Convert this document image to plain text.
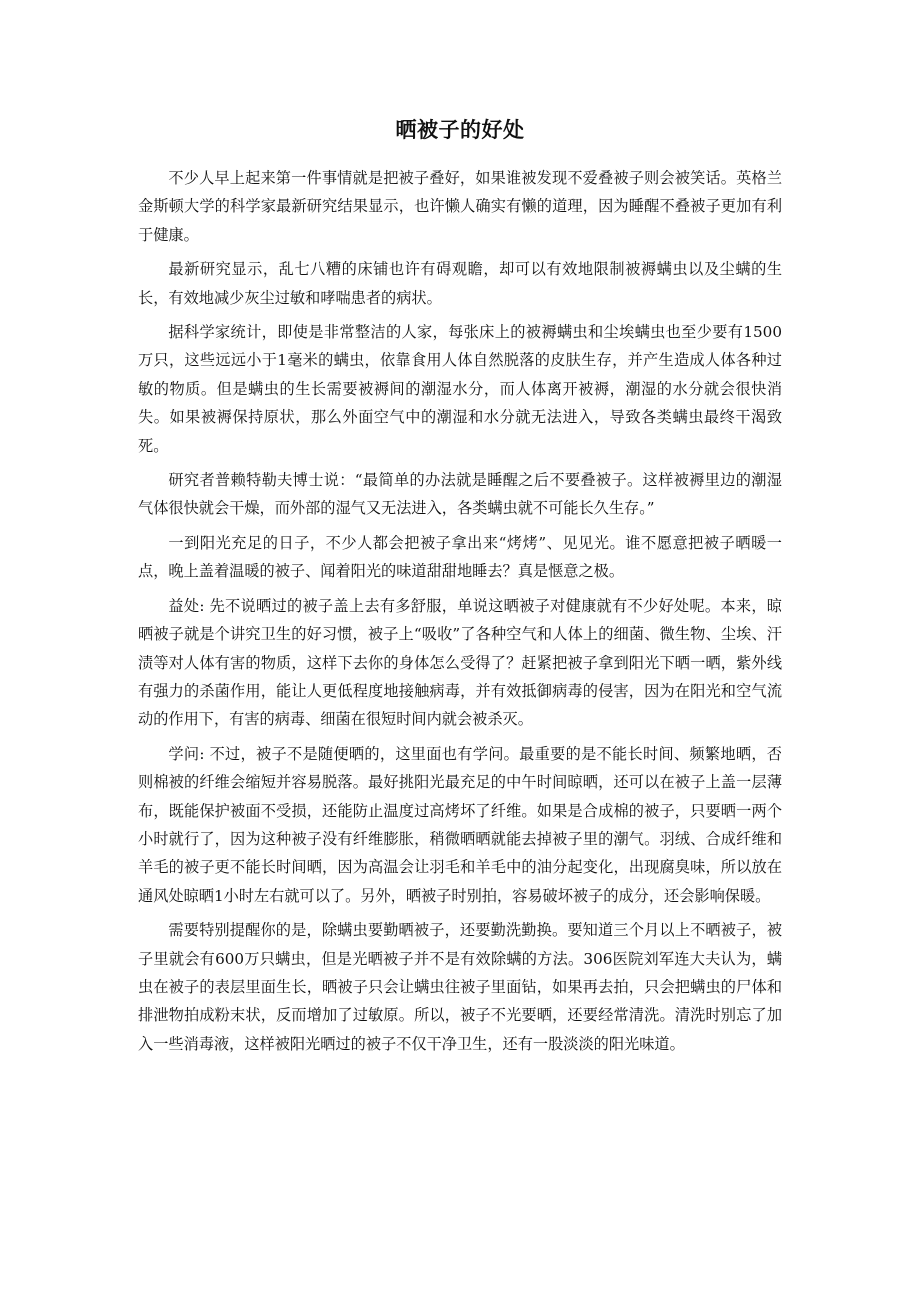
晒被子的好处

不少人早上起来第一件事情就是把被子叠好，如果谁被发现不爱叠被子则会被笑话。英格兰金斯顿大学的科学家最新研究结果显示，也许懒人确实有懒的道理，因为睡醒不叠被子更加有利于健康。

最新研究显示，乱七八糟的床铺也许有碍观瞻，却可以有效地限制被褥螨虫以及尘螨的生长，有效地减少灰尘过敏和哮喘患者的病状。

据科学家统计，即使是非常整洁的人家，每张床上的被褥螨虫和尘埃螨虫也至少要有1500万只，这些远远小于1毫米的螨虫，依靠食用人体自然脱落的皮肤生存，并产生造成人体各种过敏的物质。但是螨虫的生长需要被褥间的潮湿水分，而人体离开被褥，潮湿的水分就会很快消失。如果被褥保持原状，那么外面空气中的潮湿和水分就无法进入，导致各类螨虫最终干渴致死。

研究者普赖特勒夫博士说：“最简单的办法就是睡醒之后不要叠被子。这样被褥里边的潮湿气体很快就会干燥，而外部的湿气又无法进入，各类螨虫就不可能长久生存。”

一到阳光充足的日子，不少人都会把被子拿出来“烤烤”、见见光。谁不愿意把被子晒暖一点，晚上盖着温暖的被子、闻着阳光的味道甜甜地睡去？真是惬意之极。

益处: 先不说晒过的被子盖上去有多舒服，单说这晒被子对健康就有不少好处呢。本来，晾晒被子就是个讲究卫生的好习惯，被子上“吸收”了各种空气和人体上的细菌、微生物、尘埃、汗渍等对人体有害的物质，这样下去你的身体怎么受得了？赶紧把被子拿到阳光下晒一晒，紫外线有强力的杀菌作用，能让人更低程度地接触病毒，并有效抵御病毒的侵害，因为在阳光和空气流动的作用下，有害的病毒、细菌在很短时间内就会被杀灭。

学问: 不过，被子不是随便晒的，这里面也有学问。最重要的是不能长时间、频繁地晒，否则棉被的纤维会缩短并容易脱落。最好挑阳光最充足的中午时间晾晒，还可以在被子上盖一层薄布，既能保护被面不受损，还能防止温度过高烤坏了纤维。如果是合成棉的被子，只要晒一两个小时就行了，因为这种被子没有纤维膨胀，稍微晒晒就能去掉被子里的潮气。羽绒、合成纤维和羊毛的被子更不能长时间晒，因为高温会让羽毛和羊毛中的油分起变化，出现腐臭味，所以放在通风处晾晒1小时左右就可以了。另外，晒被子时别拍，容易破坏被子的成分，还会影响保暖。

需要特别提醒你的是，除螨虫要勤晒被子，还要勤洗勤换。要知道三个月以上不晒被子，被子里就会有600万只螨虫，但是光晒被子并不是有效除螨的方法。306医院刘军连大夫认为，螨虫在被子的表层里面生长，晒被子只会让螨虫往被子里面钻，如果再去拍，只会把螨虫的尸体和排泄物拍成粉末状，反而增加了过敏原。所以，被子不光要晒，还要经常清洗。清洗时别忘了加入一些消毒液，这样被阳光晒过的被子不仅干净卫生，还有一股淡淡的阳光味道。
